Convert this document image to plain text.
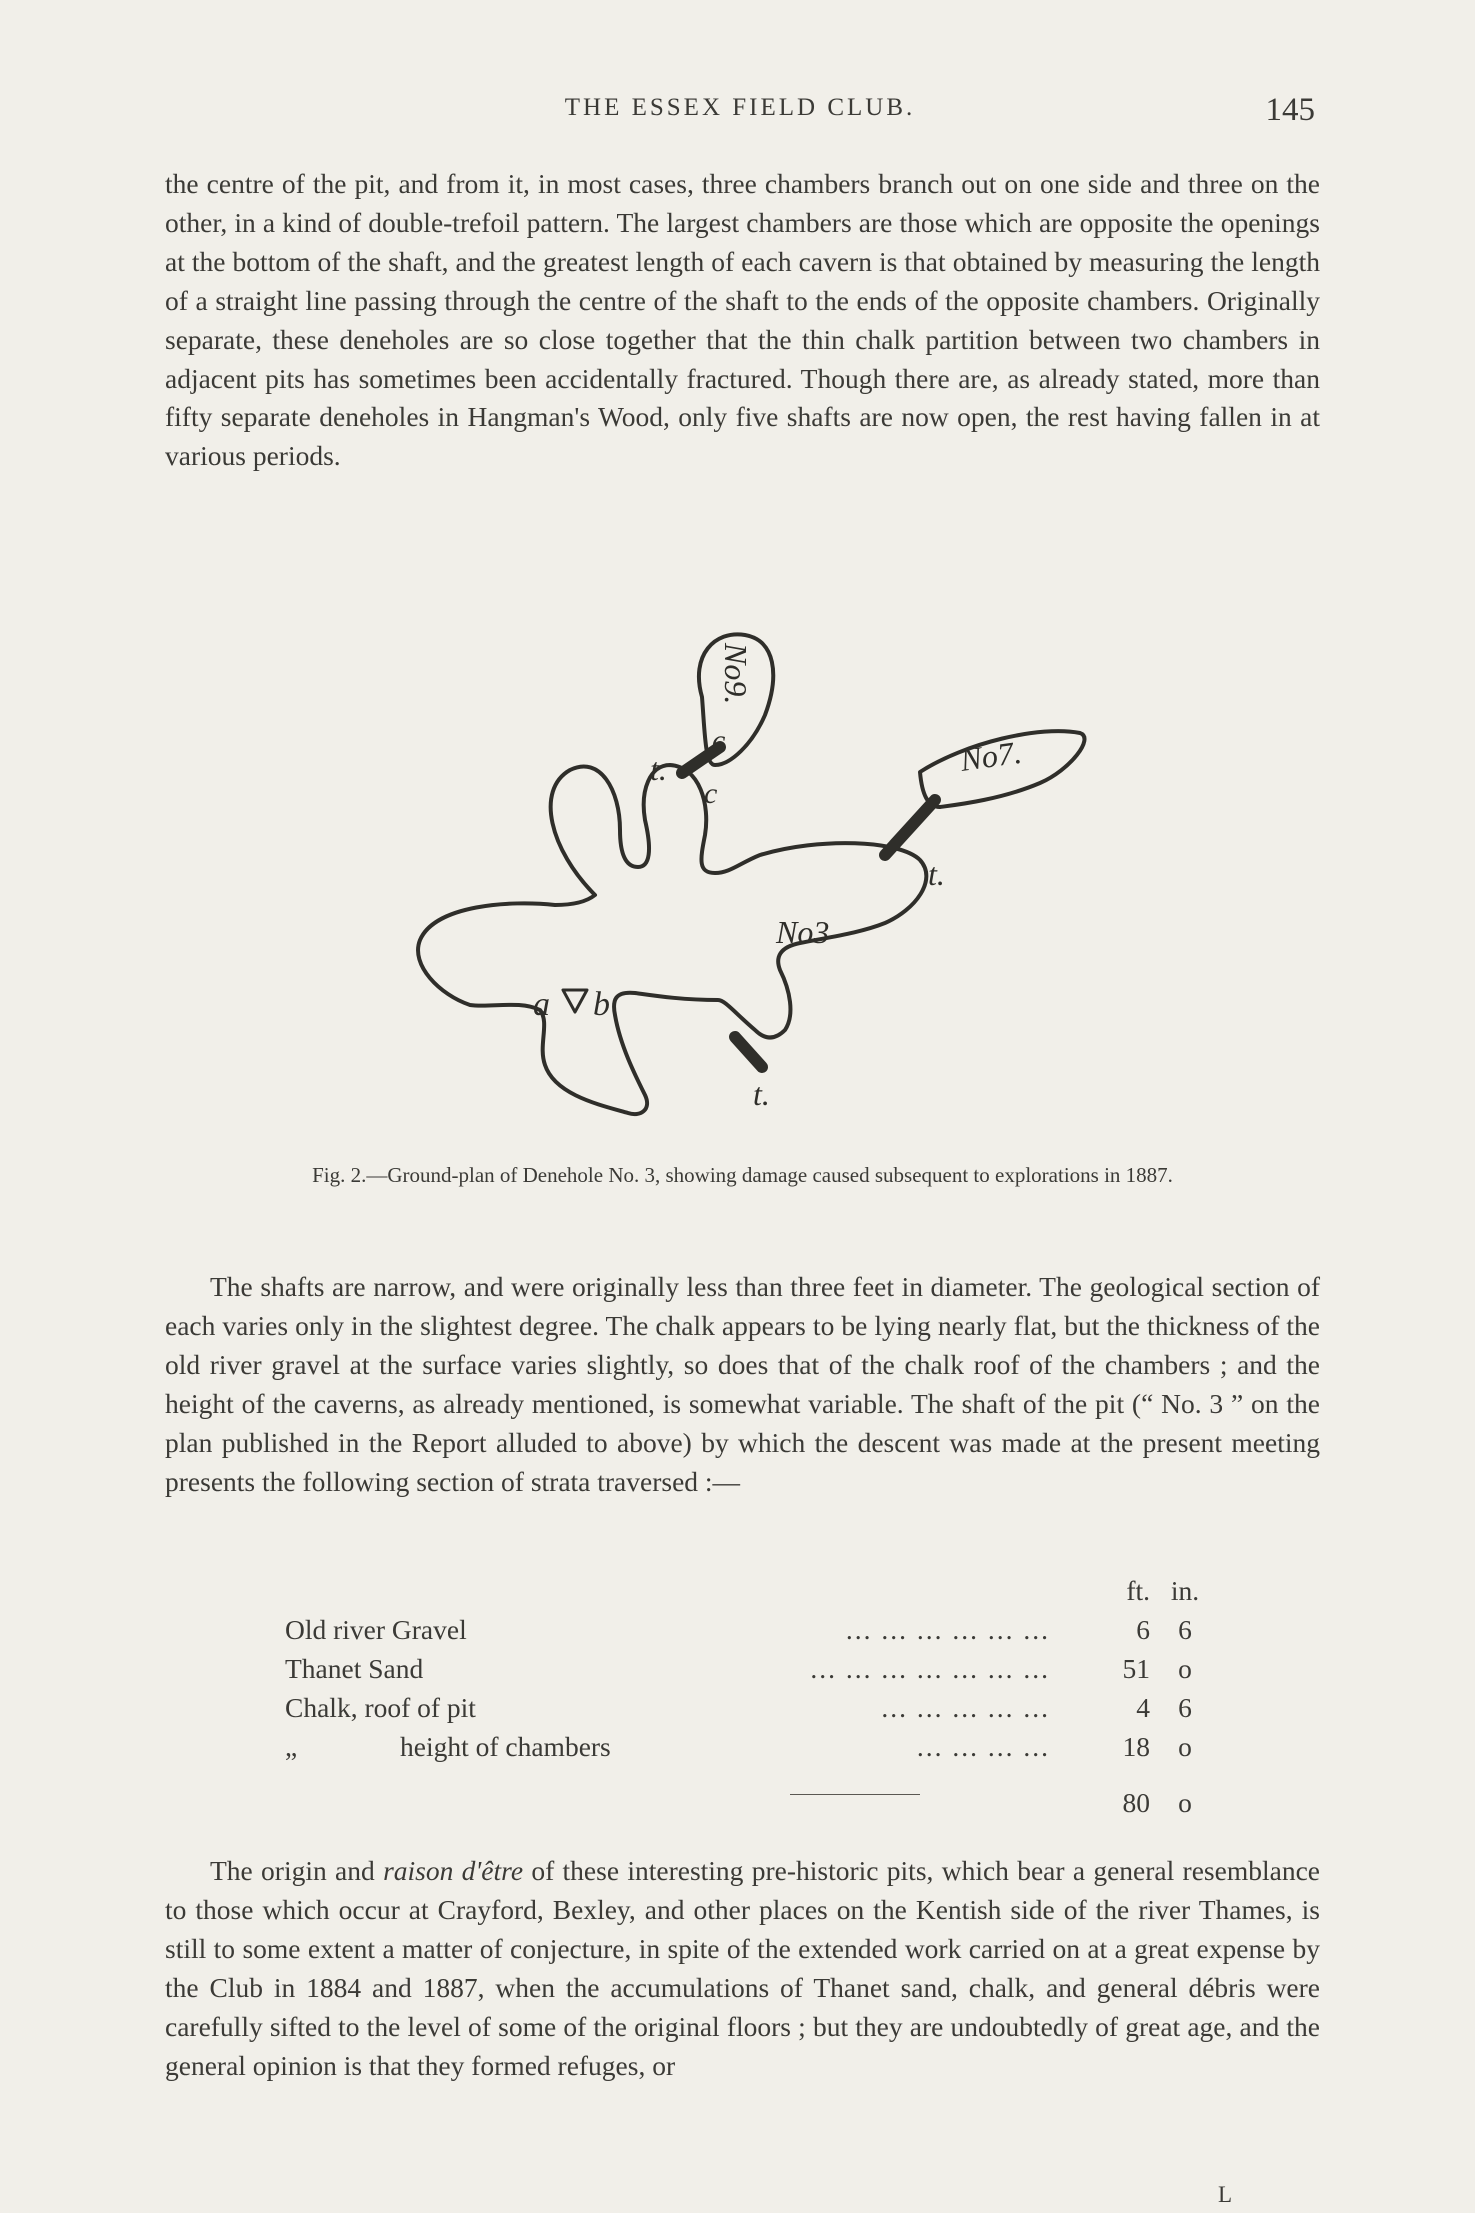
THE ESSEX FIELD CLUB.	145

the centre of the pit, and from it, in most cases, three chambers branch out on one side and three on the other, in a kind of double-trefoil pattern. The largest chambers are those which are opposite the openings at the bottom of the shaft, and the greatest length of each cavern is that obtained by measuring the length of a straight line passing through the centre of the shaft to the ends of the opposite chambers. Originally separate, these deneholes are so close together that the thin chalk partition between two chambers in adjacent pits has sometimes been accidentally fractured. Though there are, as already stated, more than fifty separate deneholes in Hangman's Wood, only five shafts are now open, the rest having fallen in at various periods.

No9.
No7.
No3
a b
c
c
t.
t.
t.
Fig. 2.—Ground-plan of Denehole No. 3, showing damage caused subsequent to explorations in 1887.

The shafts are narrow, and were originally less than three feet in diameter. The geological section of each varies only in the slightest degree. The chalk appears to be lying nearly flat, but the thickness of the old river gravel at the surface varies slightly, so does that of the chalk roof of the chambers ; and the height of the caverns, as already mentioned, is somewhat variable. The shaft of the pit (“ No. 3 ” on the plan published in the Report alluded to above) by which the descent was made at the present meeting presents the following section of strata traversed :—

ft. in.
Old river Gravel	... ... ... ... ... ...	6	6
Thanet Sand	... ... ... ... ... ... ...	51	o
Chalk, roof of pit	... ... ... ... ...	4	6
„	height of chambers	... ... ... ...	18	o
80	o

The origin and raison d'être of these interesting pre-historic pits, which bear a general resemblance to those which occur at Crayford, Bexley, and other places on the Kentish side of the river Thames, is still to some extent a matter of conjecture, in spite of the extended work carried on at a great expense by the Club in 1884 and 1887, when the accumulations of Thanet sand, chalk, and general débris were carefully sifted to the level of some of the original floors ; but they are undoubtedly of great age, and the general opinion is that they formed refuges, or

L
